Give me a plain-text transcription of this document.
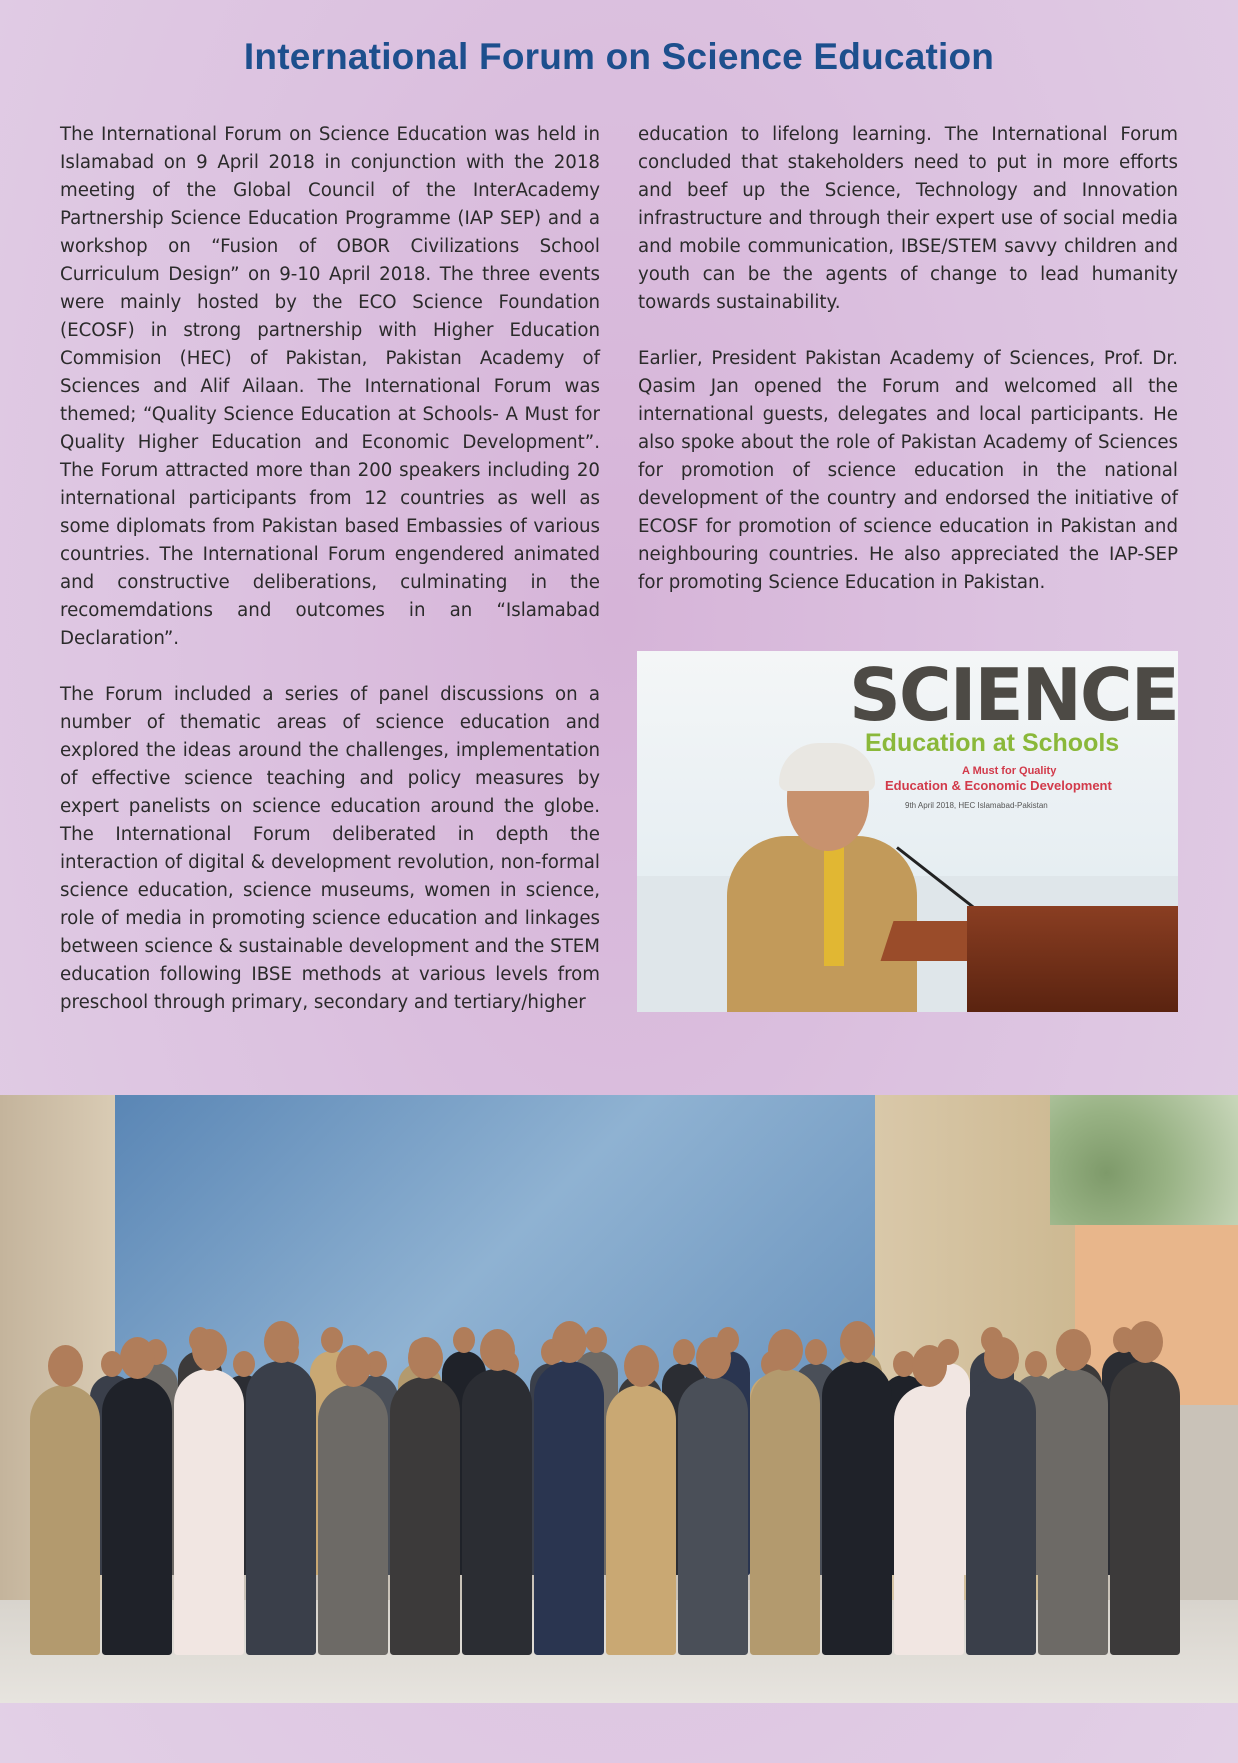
International Forum on Science Education

The International Forum on Science Education was held in Islamabad on 9 April 2018 in conjunction with the 2018 meeting of the Global Council of the InterAcademy Partnership Science Education Programme (IAP SEP) and a workshop on “Fusion of OBOR Civilizations School Curriculum Design” on 9-10 April 2018. The three events were mainly hosted by the ECO Science Foundation (ECOSF) in strong partnership with Higher Education Commision (HEC) of Pakistan, Pakistan Academy of Sciences and Alif Ailaan. The International Forum was themed; “Quality Science Education at Schools- A Must for Quality Higher Education and Economic Development”. The Forum attracted more than 200 speakers including 20 international participants from 12 countries as well as some diplomats from Pakistan based Embassies of various countries. The International Forum engendered animated and constructive deliberations, culminating in the recomemdations and outcomes in an “Islamabad Declaration”.

The Forum included a series of panel discussions on a number of thematic areas of science education and explored the ideas around the challenges, implementation of effective science teaching and policy measures by expert panelists on science education around the globe. The International Forum deliberated in depth the interaction of digital & development revolution, non-formal science education, science museums, women in science, role of media in promoting science education and linkages between science & sustainable development and the STEM education following IBSE methods at various levels from preschool through primary, secondary and tertiary/higher

education to lifelong learning. The International Forum concluded that stakeholders need to put in more efforts and beef up the Science, Technology and Innovation infrastructure and through their expert use of social media and mobile communication, IBSE/STEM savvy children and youth can be the agents of change to lead humanity towards sustainability.

Earlier, President Pakistan Academy of Sciences, Prof. Dr. Qasim Jan opened the Forum and welcomed all the international guests, delegates and local participants. He also spoke about the role of Pakistan Academy of Sciences for promotion of science education in the national development of the country and endorsed the initiative of ECOSF for promotion of science education in Pakistan and neighbouring countries. He also appreciated the IAP-SEP for promoting Science Education in Pakistan.

SCIENCE
Education at Schools
A Must for Quality
Education & Economic Development
9th April 2018, HEC Islamabad-Pakistan
